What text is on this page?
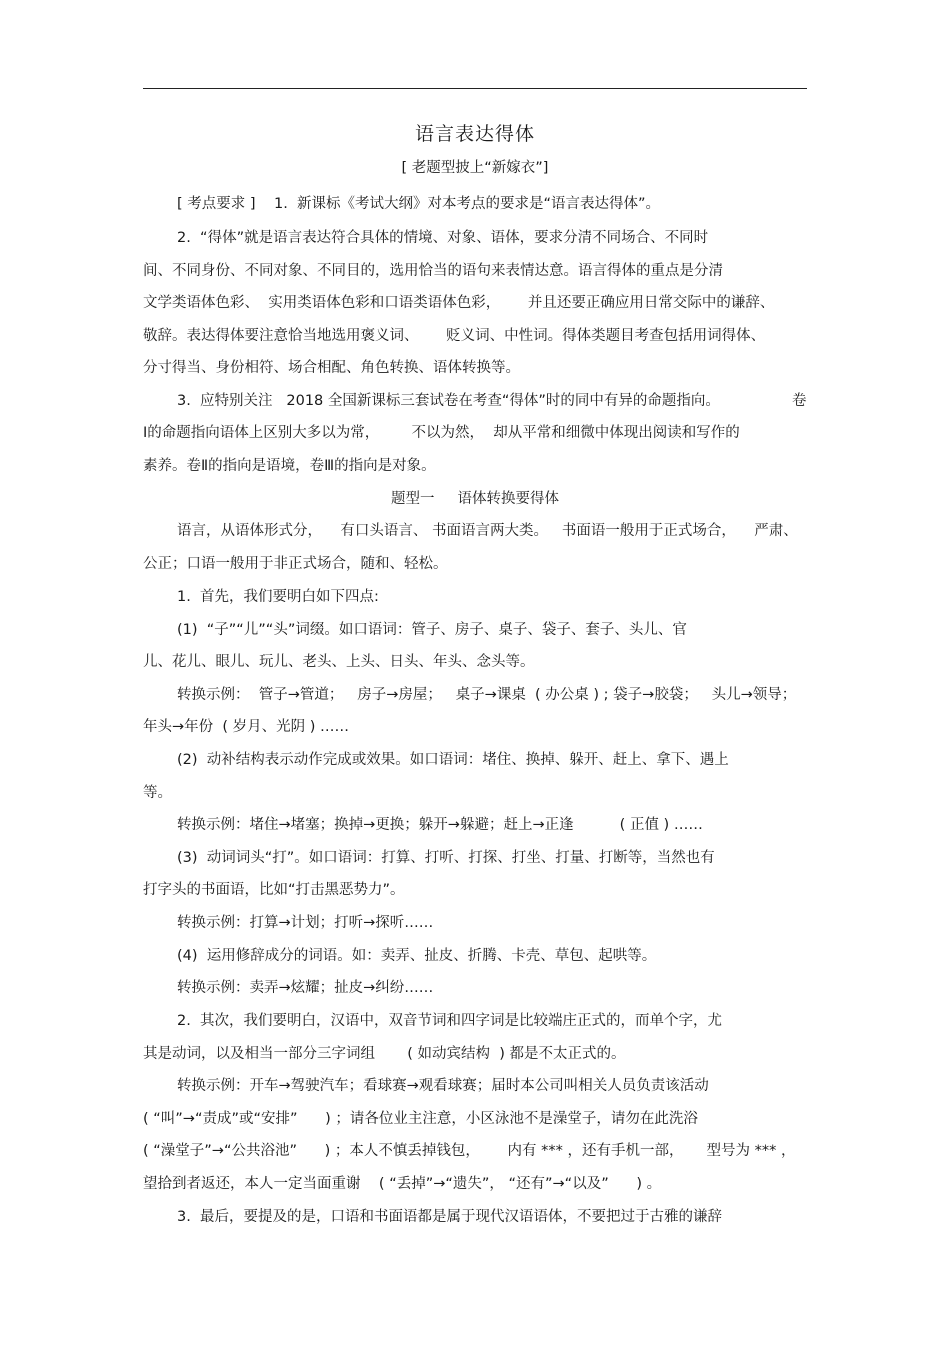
语言表达得体
[ 老题型披上“新嫁衣”]
[ 考点要求 ]    1.  新课标《考试大纲》对本考点的要求是“语言表达得体”。
2.  “得体”就是语言表达符合具体的情境、对象、语体，要求分清不同场合、不同时
间、不同身份、不同对象、不同目的，选用恰当的语句来表情达意。语言得体的重点是分清
文学类语体色彩、  实用类语体色彩和口语类语体色彩，      并且还要正确应用日常交际中的谦辞、
敬辞。表达得体要注意恰当地选用褒义词、      贬义词、中性词。得体类题目考查包括用词得体、
分寸得当、身份相符、场合相配、角色转换、语体转换等。
3.  应特别关注   2018 全国新课标三套试卷在考查“得体”时的同中有异的命题指向。	卷
Ⅰ的命题指向语体上区别大多以为常，       不以为然，  却从平常和细微中体现出阅读和写作的
素养。卷Ⅱ的指向是语境，卷Ⅲ的指向是对象。
题型一     语体转换要得体
语言，从语体形式分，    有口头语言、 书面语言两大类。   书面语一般用于正式场合，    严肃、
公正；口语一般用于非正式场合，随和、轻松。
1.  首先，我们要明白如下四点:
(1)  “子”“儿”“头”词缀。如口语词：管子、房子、桌子、袋子、套子、头儿、官
儿、花儿、眼儿、玩儿、老头、上头、日头、年头、念头等。
转换示例：  管子→管道；   房子→房屋；   桌子→课桌  ( 办公桌 ) ; 袋子→胶袋；   头儿→领导；
年头→年份  ( 岁月、光阴 ) ……
(2)  动补结构表示动作完成或效果。如口语词：堵住、换掉、躲开、赶上、拿下、遇上
等。
转换示例：堵住→堵塞；换掉→更换；躲开→躲避；赶上→正逢          ( 正值 ) ……
(3)  动词词头“打”。如口语词：打算、打听、打探、打坐、打量、打断等，当然也有
打字头的书面语，比如“打击黑恶势力”。
转换示例：打算→计划；打听→探听……
(4)  运用修辞成分的词语。如：卖弄、扯皮、折腾、卡壳、草包、起哄等。
转换示例：卖弄→炫耀；扯皮→纠纷……
2.  其次，我们要明白，汉语中，双音节词和四字词是比较端庄正式的，而单个字，尤
其是动词，以及相当一部分三字词组       ( 如动宾结构  ) 都是不太正式的。
转换示例：开车→驾驶汽车；看球赛→观看球赛；届时本公司叫相关人员负责该活动
( “叫”→“责成”或“安排”      ) ；请各位业主注意，小区泳池不是澡堂子，请勿在此洗浴
( “澡堂子”→“公共浴池”      ) ；本人不慎丢掉钱包，      内有 *** ，还有手机一部，     型号为 *** ，
望拾到者返还，本人一定当面重谢    ( “丢掉”→“遗失”， “还有”→“以及”      ) 。
3.  最后，要提及的是，口语和书面语都是属于现代汉语语体，不要把过于古雅的谦辞
